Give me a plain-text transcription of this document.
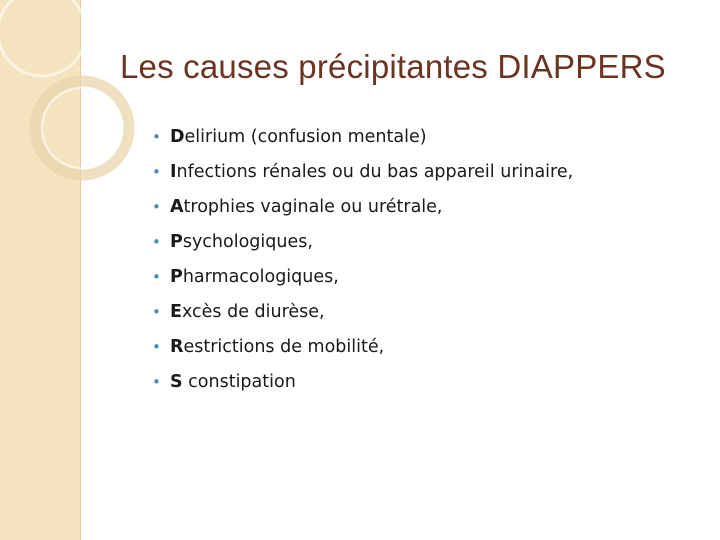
Les causes précipitantes DIAPPERS
• Delirium (confusion mentale)
• Infections rénales ou du bas appareil urinaire,
• Atrophies vaginale ou urétrale,
• Psychologiques,
• Pharmacologiques,
• Excès de diurèse,
• Restrictions de mobilité,
• S constipation
